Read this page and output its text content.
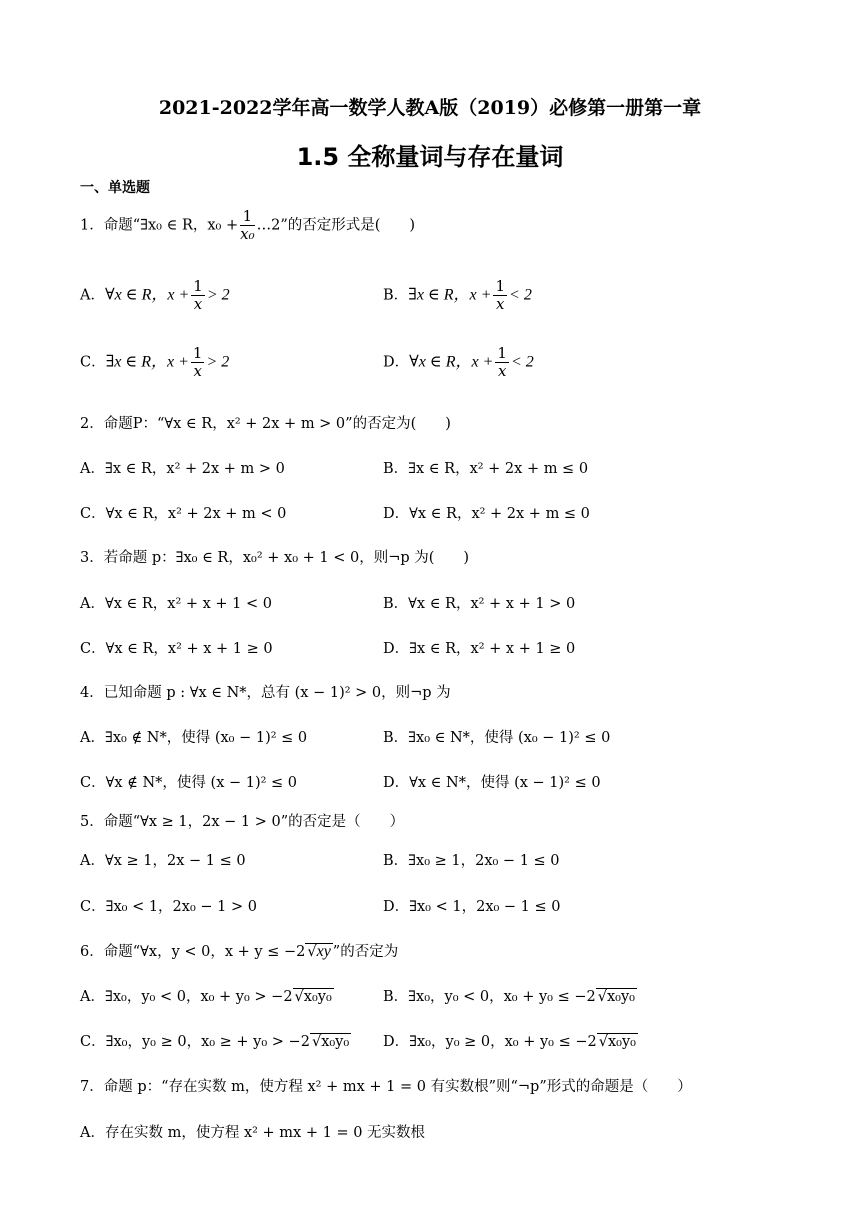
2021-2022学年高一数学人教A版（2019）必修第一册第一章
1.5 全称量词与存在量词
一、单选题
1．命题“∃x₀ ∈ R，$x_0 + \frac{1}{\text{x₀}}$ …2”的否定形式是(　　)
A．∀x ∈ R，$x + \frac{1}{x} > 2$	B．∃x ∈ R，$x + \frac{1}{x} < 2$
C．∃x ∈ R，$x + \frac{1}{x} > 2$	D．∀x ∈ R，$x + \frac{1}{x} < 2$
2．命题P：“∀x ∈ R，x² + 2x + m > 0”的否定为(　　)
A．∃x ∈ R，x² + 2x + m > 0	B．∃x ∈ R，x² + 2x + m ≤ 0
C．∀x ∈ R，x² + 2x + m < 0	D．∀x ∈ R，x² + 2x + m ≤ 0
3．若命题 p：∃x₀ ∈ R，x₀² + x₀ + 1 < 0，则¬p 为(　　)
A．∀x ∈ R，x² + x + 1 < 0	B．∀x ∈ R，x² + x + 1 > 0
C．∀x ∈ R，x² + x + 1 ≥ 0	D．∃x ∈ R，x² + x + 1 ≥ 0
4．已知命题 p : ∀x ∈ N*，总有 (x − 1)² > 0，则¬p 为
A．∃x₀ ∉ N*，使得 (x₀ − 1)² ≤ 0	B．∃x₀ ∈ N*，使得 (x₀ − 1)² ≤ 0
C．∀x ∉ N*，使得 (x − 1)² ≤ 0	D．∀x ∈ N*，使得 (x − 1)² ≤ 0
5．命题“∀x ≥ 1，2x − 1 > 0”的否定是（　　）
A．∀x ≥ 1，2x − 1 ≤ 0	B．∃x₀ ≥ 1，2x₀ − 1 ≤ 0
C．∃x₀ < 1，2x₀ − 1 > 0	D．∃x₀ < 1，2x₀ − 1 ≤ 0
6．命题“∀x，y < 0，x + y ≤ −2 √xy ”的否定为
A．∃x₀，y₀ < 0，x₀ + y₀ > −2 √x₀y₀	B．∃x₀，y₀ < 0，x₀ + y₀ ≤ −2 √x₀y₀
C．∃x₀，y₀ ≥ 0，x₀ ≥ + y₀ > −2 √x₀y₀ D．∃x₀，y₀ ≥ 0，x₀ + y₀ ≤ −2 √x₀y₀
7．命题 p：“存在实数 m，使方程 x² + mx + 1 = 0 有实数根”则“¬p”形式的命题是（　　）
A．存在实数 m，使方程 x² + mx + 1 = 0 无实数根
